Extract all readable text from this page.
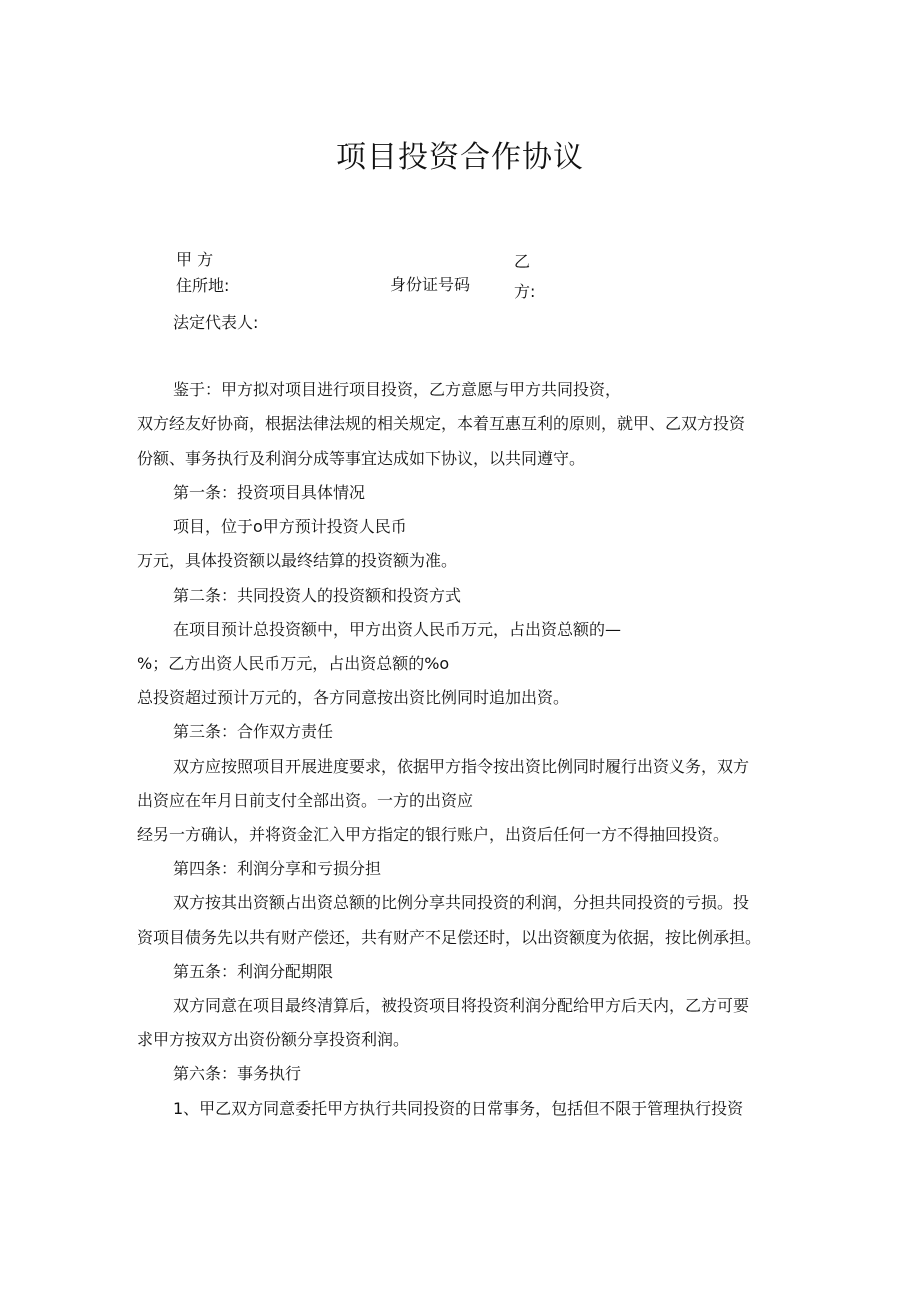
项目投资合作协议
甲 方	乙
住所地:	身份证号码	方:
法定代表人:
鉴于：甲方拟对项目进行项目投资，乙方意愿与甲方共同投资，
双方经友好协商，根据法律法规的相关规定，本着互惠互利的原则，就甲、乙双方投资
份额、事务执行及利润分成等事宜达成如下协议，以共同遵守。
第一条：投资项目具体情况
项目，位于o甲方预计投资人民币
万元，具体投资额以最终结算的投资额为准。
第二条：共同投资人的投资额和投资方式
在项目预计总投资额中，甲方出资人民币万元，占出资总额的—
%；乙方出资人民币万元，占出资总额的%o
总投资超过预计万元的，各方同意按出资比例同时追加出资。
第三条：合作双方责任
双方应按照项目开展进度要求，依据甲方指令按出资比例同时履行出资义务，双方
出资应在年月日前支付全部出资。一方的出资应
经另一方确认，并将资金汇入甲方指定的银行账户，出资后任何一方不得抽回投资。
第四条：利润分享和亏损分担
双方按其出资额占出资总额的比例分享共同投资的利润，分担共同投资的亏损。投
资项目债务先以共有财产偿还，共有财产不足偿还时，以出资额度为依据，按比例承担。
第五条：利润分配期限
双方同意在项目最终清算后，被投资项目将投资利润分配给甲方后天内，乙方可要
求甲方按双方出资份额分享投资利润。
第六条：事务执行
1、甲乙双方同意委托甲方执行共同投资的日常事务，包括但不限于管理执行投资
